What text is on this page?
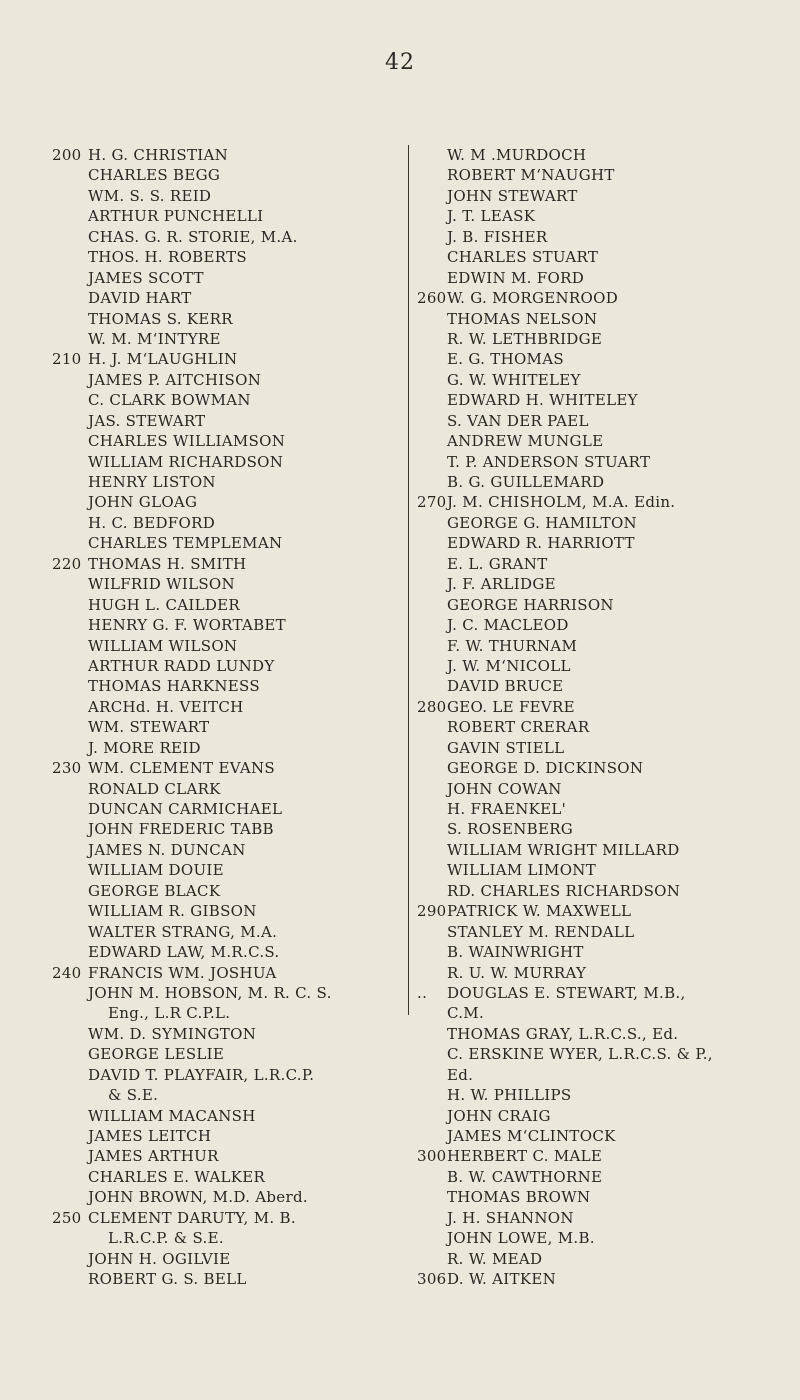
42
200 H. G. CHRISTIAN
CHARLES BEGG
WM. S. S. REID
ARTHUR PUNCHELLI
CHAS. G. R. STORIE, M.A.
THOS. H. ROBERTS
JAMES SCOTT
DAVID HART
THOMAS S. KERR
W. M. M‘INTYRE
210 H. J. M‘LAUGHLIN
JAMES P. AITCHISON
C. CLARK BOWMAN
JAS. STEWART
CHARLES WILLIAMSON
WILLIAM RICHARDSON
HENRY LISTON
JOHN GLOAG
H. C. BEDFORD
CHARLES TEMPLEMAN
220 THOMAS H. SMITH
WILFRID WILSON
HUGH L. CAILDER
HENRY G. F. WORTABET
WILLIAM WILSON
ARTHUR RADD LUNDY
THOMAS HARKNESS
ARCHd. H. VEITCH
WM. STEWART
J. MORE REID
230 WM. CLEMENT EVANS
RONALD CLARK
DUNCAN CARMICHAEL
JOHN FREDERIC TABB
JAMES N. DUNCAN
WILLIAM DOUIE
GEORGE BLACK
WILLIAM R. GIBSON
WALTER STRANG, M.A.
EDWARD LAW, M.R.C.S.
240 FRANCIS WM. JOSHUA
JOHN M. HOBSON, M. R. C. S.
Eng., L.R C.P.L.
WM. D. SYMINGTON
GEORGE LESLIE
DAVID T. PLAYFAIR, L.R.C.P.
& S.E.
WILLIAM MACANSH
JAMES LEITCH
JAMES ARTHUR
CHARLES E. WALKER
JOHN BROWN, M.D. Aberd.
250 CLEMENT DARUTY, M. B.
L.R.C.P. & S.E.
JOHN H. OGILVIE
ROBERT G. S. BELL
W. M .MURDOCH
ROBERT M‘NAUGHT
JOHN STEWART
J. T. LEASK
J. B. FISHER
CHARLES STUART
EDWIN M. FORD
260 W. G. MORGENROOD
THOMAS NELSON
R. W. LETHBRIDGE
E. G. THOMAS
G. W. WHITELEY
EDWARD H. WHITELEY
S. VAN DER PAEL
ANDREW MUNGLE
T. P. ANDERSON STUART
B. G. GUILLEMARD
270 J. M. CHISHOLM, M.A. Edin.
GEORGE G. HAMILTON
EDWARD R. HARRIOTT
E. L. GRANT
J. F. ARLIDGE
GEORGE HARRISON
J. C. MACLEOD
F. W. THURNAM
J. W. M‘NICOLL
DAVID BRUCE
280 GEO. LE FEVRE
ROBERT CRERAR
GAVIN STIELL
GEORGE D. DICKINSON
JOHN COWAN
H. FRAENKEL'
S. ROSENBERG
WILLIAM WRIGHT MILLARD
WILLIAM LIMONT
RD. CHARLES RICHARDSON
290 PATRICK W. MAXWELL
STANLEY M. RENDALL
B. WAINWRIGHT
R. U. W. MURRAY
.. DOUGLAS E. STEWART, M.B.,
C.M.
THOMAS GRAY, L.R.C.S., Ed.
C. ERSKINE WYER, L.R.C.S. & P.,
Ed.
H. W. PHILLIPS
JOHN CRAIG
JAMES M‘CLINTOCK
300 HERBERT C. MALE
B. W. CAWTHORNE
THOMAS BROWN
J. H. SHANNON
JOHN LOWE, M.B.
R. W. MEAD
306 D. W. AITKEN
